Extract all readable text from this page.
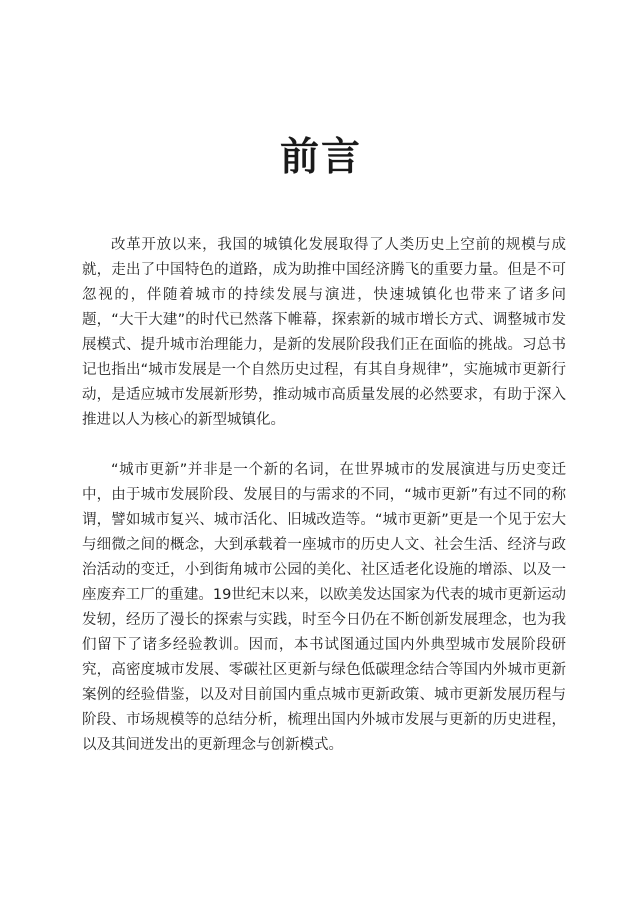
前言

改革开放以来，我国的城镇化发展取得了人类历史上空前的规模与成就，走出了中国特色的道路，成为助推中国经济腾飞的重要力量。但是不可忽视的，伴随着城市的持续发展与演进，快速城镇化也带来了诸多问题，“大干大建”的时代已然落下帷幕，探索新的城市增长方式、调整城市发展模式、提升城市治理能力，是新的发展阶段我们正在面临的挑战。习总书记也指出“城市发展是一个自然历史过程，有其自身规律”，实施城市更新行动，是适应城市发展新形势，推动城市高质量发展的必然要求，有助于深入推进以人为核心的新型城镇化。

“城市更新”并非是一个新的名词，在世界城市的发展演进与历史变迁中，由于城市发展阶段、发展目的与需求的不同，“城市更新”有过不同的称谓，譬如城市复兴、城市活化、旧城改造等。“城市更新”更是一个见于宏大与细微之间的概念，大到承载着一座城市的历史人文、社会生活、经济与政治活动的变迁，小到街角城市公园的美化、社区适老化设施的增添、以及一座废弃工厂的重建。19世纪末以来，以欧美发达国家为代表的城市更新运动发轫，经历了漫长的探索与实践，时至今日仍在不断创新发展理念，也为我们留下了诸多经验教训。因而，本书试图通过国内外典型城市发展阶段研究，高密度城市发展、零碳社区更新与绿色低碳理念结合等国内外城市更新案例的经验借鉴，以及对目前国内重点城市更新政策、城市更新发展历程与阶段、市场规模等的总结分析，梳理出国内外城市发展与更新的历史进程，以及其间迸发出的更新理念与创新模式。
